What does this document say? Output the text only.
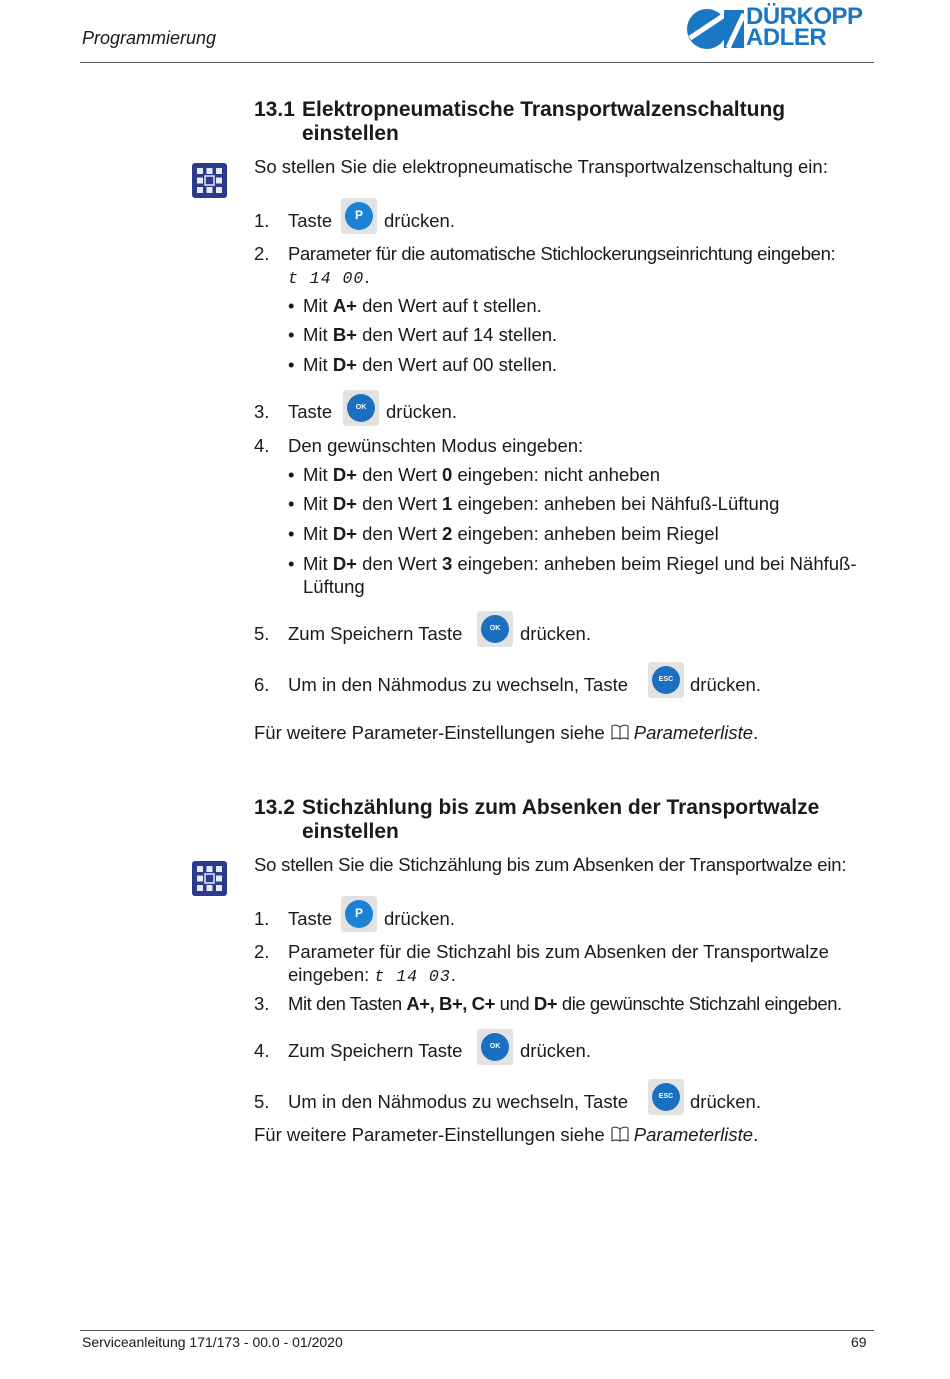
Programmierung
DÜRKOPP
ADLER
13.1 Elektropneumatische Transportwalzenschaltung einstellen
So stellen Sie die elektropneumatische Transportwalzenschaltung ein:
1. Taste	P	drücken.
2. Parameter für die automatische Stichlockerungseinrichtung eingeben:
t 14 00.
• Mit A+ den Wert auf t stellen.
• Mit B+ den Wert auf 14 stellen.
• Mit D+ den Wert auf 00 stellen.
3. Taste	OK	drücken.
4. Den gewünschten Modus eingeben:
• Mit D+ den Wert 0 eingeben: nicht anheben
• Mit D+ den Wert 1 eingeben: anheben bei Nähfuß-Lüftung
• Mit D+ den Wert 2 eingeben: anheben beim Riegel
• Mit D+ den Wert 3 eingeben: anheben beim Riegel und bei Nähfuß-
Lüftung
5. Zum Speichern Taste	OK	drücken.
6. Um in den Nähmodus zu wechseln, Taste	ESC drücken.
Für weitere Parameter-Einstellungen siehe Parameterliste.
13.2 Stichzählung bis zum Absenken der Transportwalze einstellen
So stellen Sie die Stichzählung bis zum Absenken der Transportwalze ein:
1. Taste	P	drücken.
2. Parameter für die Stichzahl bis zum Absenken der Transportwalze
eingeben: t 14 03.
3. Mit den Tasten A+, B+, C+ und D+ die gewünschte Stichzahl eingeben.
4. Zum Speichern Taste	OK	drücken.
5. Um in den Nähmodus zu wechseln, Taste	ESC drücken.
Für weitere Parameter-Einstellungen siehe Parameterliste.
Serviceanleitung 171/173 - 00.0 - 01/2020	69
